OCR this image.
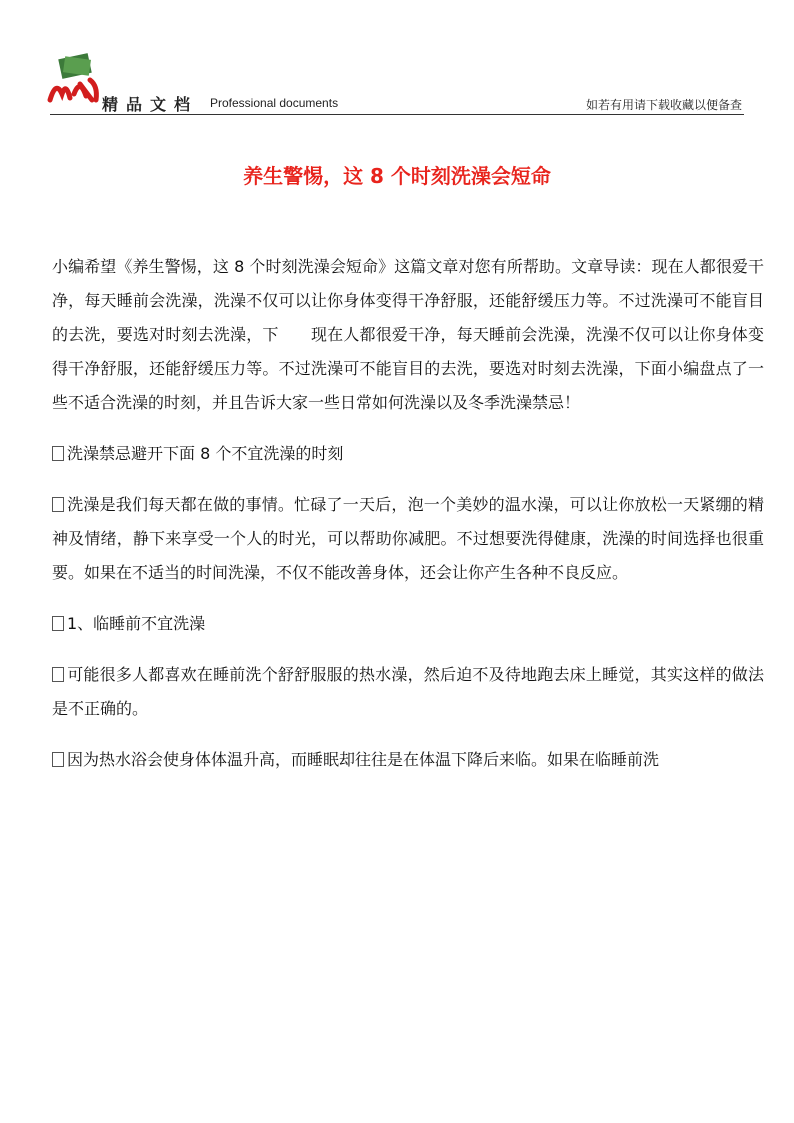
精品文档 Professional documents	如若有用请下载收藏以便备查
养生警惕，这 8 个时刻洗澡会短命

小编希望《养生警惕，这 8 个时刻洗澡会短命》这篇文章对您有所帮助。文章导读：现在人都很爱干净，每天睡前会洗澡，洗澡不仅可以让你身体变得干净舒服，还能舒缓压力等。不过洗澡可不能盲目的去洗，要选对时刻去洗澡，下　　现在人都很爱干净，每天睡前会洗澡，洗澡不仅可以让你身体变得干净舒服，还能舒缓压力等。不过洗澡可不能盲目的去洗，要选对时刻去洗澡，下面小编盘点了一些不适合洗澡的时刻，并且告诉大家一些日常如何洗澡以及冬季洗澡禁忌！

洗澡禁忌避开下面 8 个不宜洗澡的时刻

洗澡是我们每天都在做的事情。忙碌了一天后，泡一个美妙的温水澡，可以让你放松一天紧绷的精神及情绪，静下来享受一个人的时光，可以帮助你减肥。不过想要洗得健康，洗澡的时间选择也很重要。如果在不适当的时间洗澡，不仅不能改善身体，还会让你产生各种不良反应。

1、临睡前不宜洗澡

可能很多人都喜欢在睡前洗个舒舒服服的热水澡，然后迫不及待地跑去床上睡觉，其实这样的做法是不正确的。

因为热水浴会使身体体温升高，而睡眠却往往是在体温下降后来临。如果在临睡前洗
